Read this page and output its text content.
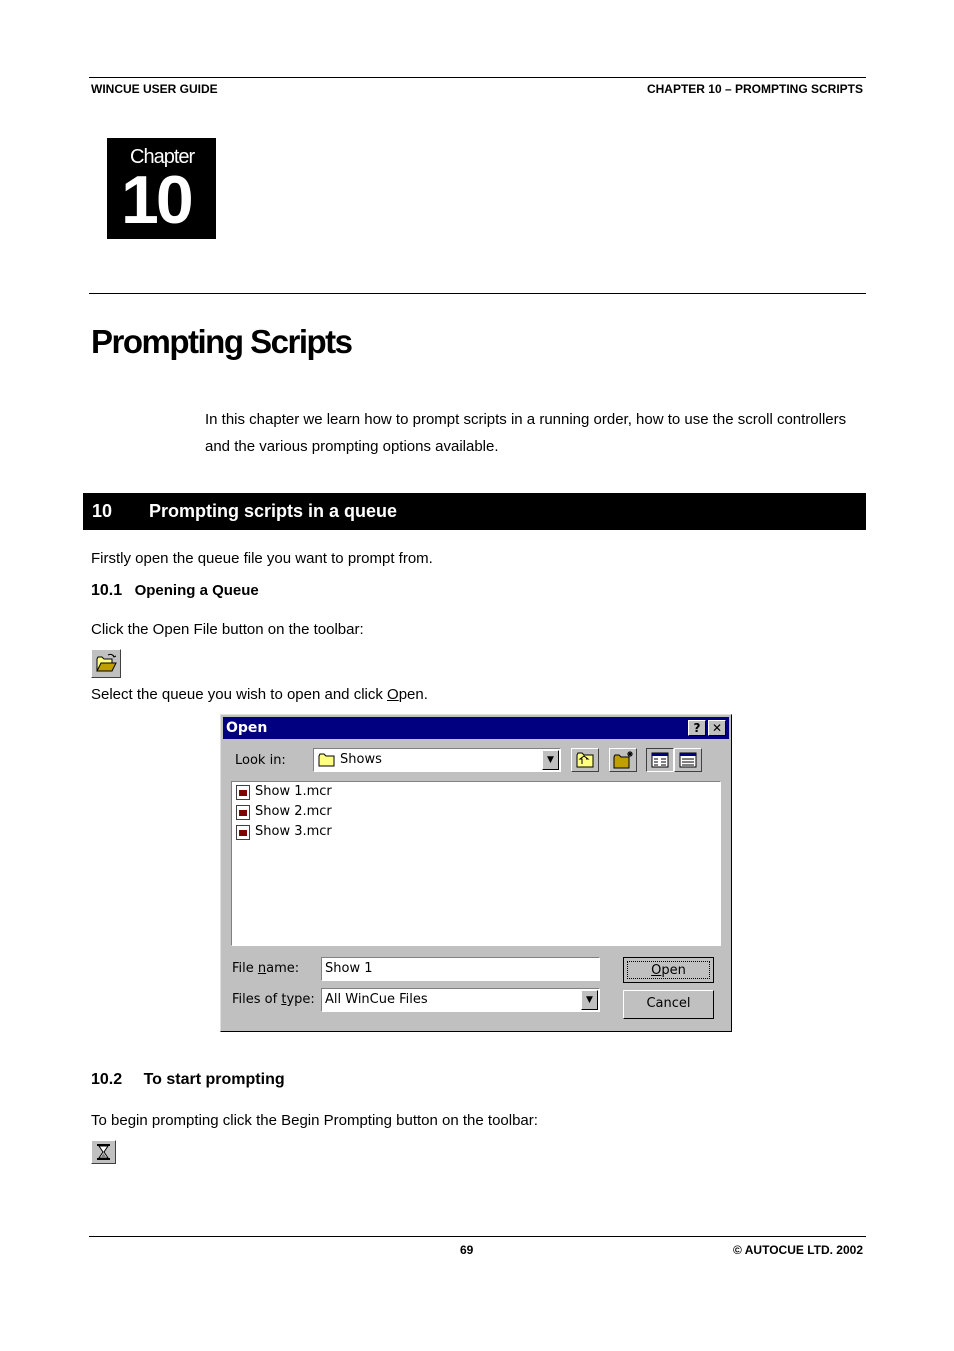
WINCUE USER GUIDE	CHAPTER 10 – PROMPTING SCRIPTS
Chapter
10
Prompting Scripts
In this chapter we learn how to prompt scripts in a running order, how to use the scroll controllers and the various prompting options available.
10 Prompting scripts in a queue
Firstly open the queue file you want to prompt from.
10.1 Opening a Queue
Click the Open File button on the toolbar:
Select the queue you wish to open and click Open.
Open	? ✕
Look in:	Shows	▼
Show 1.mcr
Show 2.mcr
Show 3.mcr
File name: Show 1
Files of type: All WinCue Files	▼
Open
Cancel
10.2 To start prompting
To begin prompting click the Begin Prompting button on the toolbar:
69	© AUTOCUE LTD. 2002
